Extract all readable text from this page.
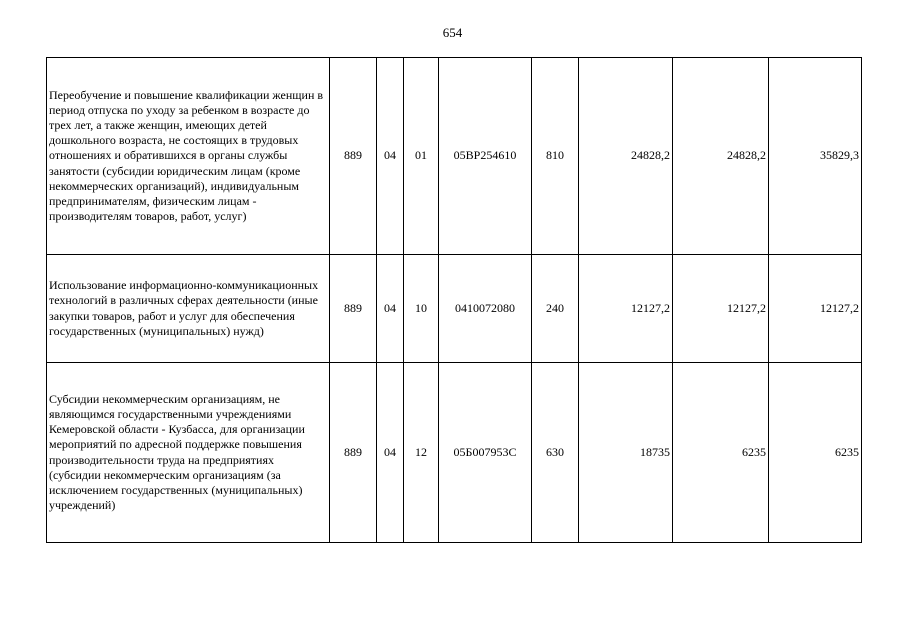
654
Переобучение и повышение квалификации женщин в период отпуска по уходу за ребенком в возрасте до трех лет, а также женщин, имеющих детей дошкольного возраста, не состоящих в трудовых отношениях и обратившихся в органы службы занятости (субсидии юридическим лицам (кроме некоммерческих организаций), индивидуальным предпринимателям, физическим лицам - производителям товаров, работ, услуг)	889	04	01	05ВР254610	810	24828,2	24828,2	35829,3
Использование информационно-коммуникационных технологий в различных сферах деятельности (иные закупки товаров, работ и услуг для обеспечения государственных (муниципальных) нужд)	889	04	10	0410072080	240	12127,2	12127,2	12127,2
Субсидии некоммерческим организациям, не являющимся государственными учреждениями Кемеровской области - Кузбасса, для организации мероприятий по адресной поддержке повышения производительности труда на предприятиях (субсидии некоммерческим организациям (за исключением государственных (муниципальных) учреждений)	889	04	12	05Б007953С	630	18735	6235	6235
